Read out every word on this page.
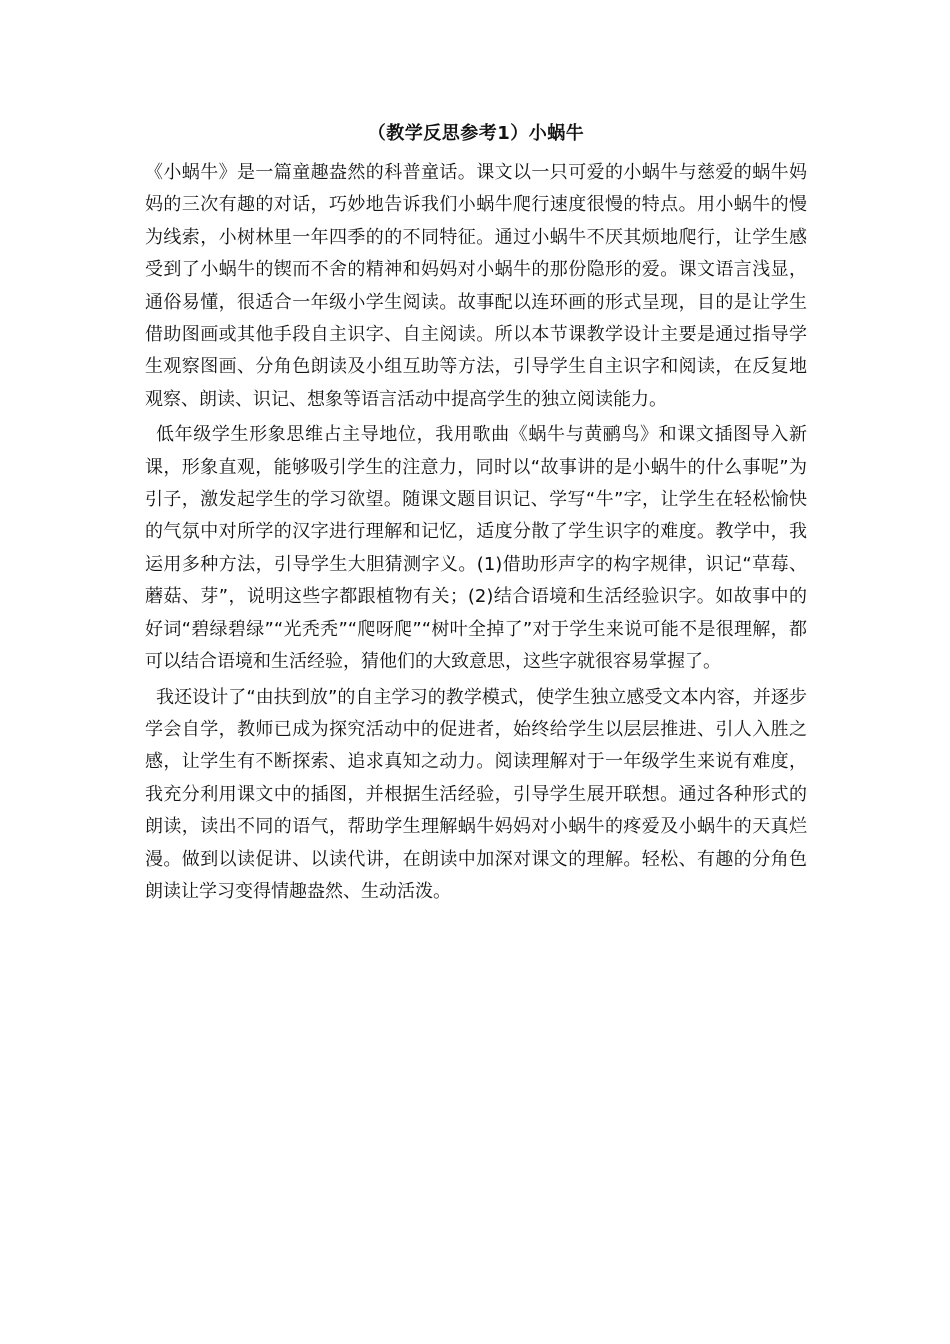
（教学反思参考1）小蜗牛

《小蜗牛》是一篇童趣盎然的科普童话。课文以一只可爱的小蜗牛与慈爱的蜗牛妈妈的三次有趣的对话，巧妙地告诉我们小蜗牛爬行速度很慢的特点。用小蜗牛的慢为线索，小树林里一年四季的的不同特征。通过小蜗牛不厌其烦地爬行，让学生感受到了小蜗牛的锲而不舍的精神和妈妈对小蜗牛的那份隐形的爱。课文语言浅显，通俗易懂，很适合一年级小学生阅读。故事配以连环画的形式呈现，目的是让学生借助图画或其他手段自主识字、自主阅读。所以本节课教学设计主要是通过指导学生观察图画、分角色朗读及小组互助等方法，引导学生自主识字和阅读，在反复地观察、朗读、识记、想象等语言活动中提高学生的独立阅读能力。

低年级学生形象思维占主导地位，我用歌曲《蜗牛与黄鹂鸟》和课文插图导入新课，形象直观，能够吸引学生的注意力，同时以“故事讲的是小蜗牛的什么事呢”为引子，激发起学生的学习欲望。随课文题目识记、学写“牛”字，让学生在轻松愉快的气氛中对所学的汉字进行理解和记忆，适度分散了学生识字的难度。教学中，我运用多种方法，引导学生大胆猜测字义。(1)借助形声字的构字规律，识记“草莓、蘑菇、芽”，说明这些字都跟植物有关；(2)结合语境和生活经验识字。如故事中的好词“碧绿碧绿”“光秃秃”“爬呀爬”“树叶全掉了”对于学生来说可能不是很理解，都可以结合语境和生活经验，猜他们的大致意思，这些字就很容易掌握了。

我还设计了“由扶到放”的自主学习的教学模式，使学生独立感受文本内容，并逐步学会自学，教师已成为探究活动中的促进者，始终给学生以层层推进、引人入胜之感，让学生有不断探索、追求真知之动力。阅读理解对于一年级学生来说有难度，我充分利用课文中的插图，并根据生活经验，引导学生展开联想。通过各种形式的朗读，读出不同的语气，帮助学生理解蜗牛妈妈对小蜗牛的疼爱及小蜗牛的天真烂漫。做到以读促讲、以读代讲，在朗读中加深对课文的理解。轻松、有趣的分角色朗读让学习变得情趣盎然、生动活泼。
